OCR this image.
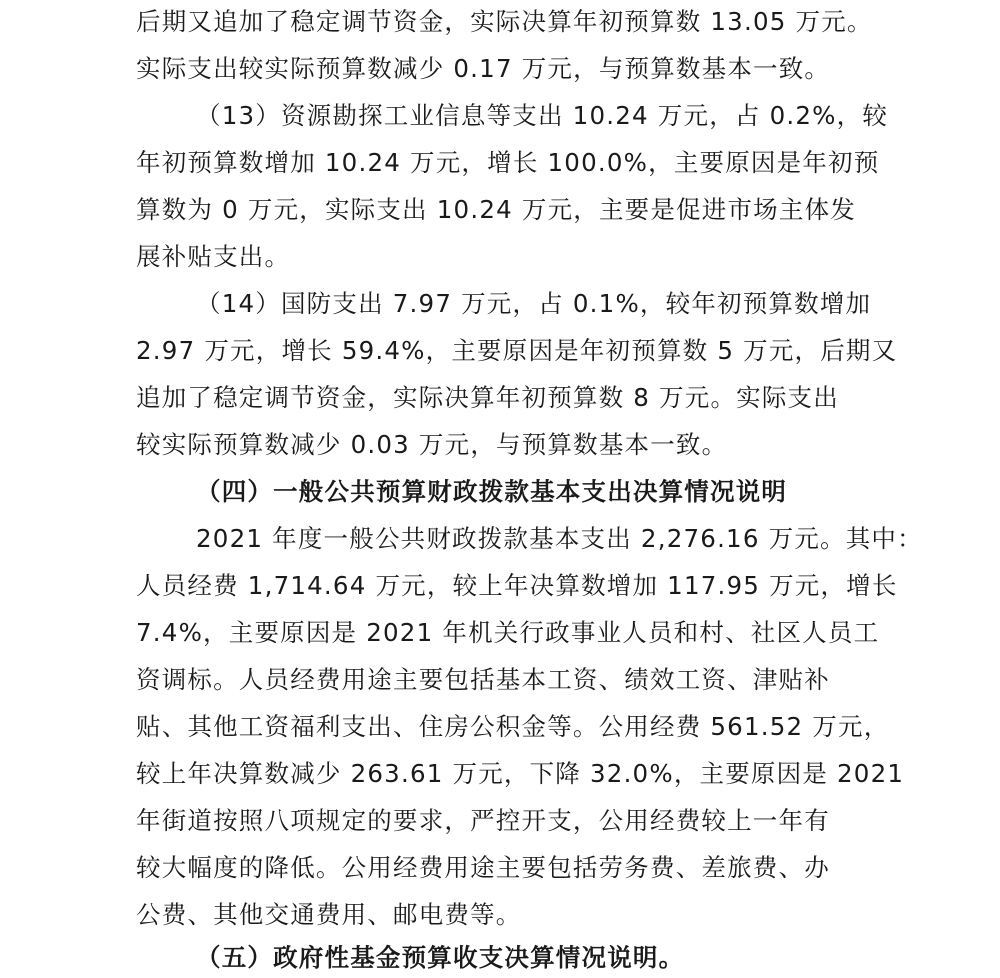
后期又追加了稳定调节资金，实际决算年初预算数 13.05 万元。
实际支出较实际预算数减少 0.17 万元，与预算数基本一致。
（13）资源勘探工业信息等支出 10.24 万元，占 0.2%，较
年初预算数增加 10.24 万元，增长 100.0%，主要原因是年初预
算数为 0 万元，实际支出 10.24 万元，主要是促进市场主体发
展补贴支出。
（14）国防支出 7.97 万元，占 0.1%，较年初预算数增加
2.97 万元，增长 59.4%，主要原因是年初预算数 5 万元，后期又
追加了稳定调节资金，实际决算年初预算数 8 万元。实际支出
较实际预算数减少 0.03 万元，与预算数基本一致。
（四）一般公共预算财政拨款基本支出决算情况说明
2021 年度一般公共财政拨款基本支出 2,276.16 万元。其中：
人员经费 1,714.64 万元，较上年决算数增加 117.95 万元，增长
7.4%，主要原因是 2021 年机关行政事业人员和村、社区人员工
资调标。人员经费用途主要包括基本工资、绩效工资、津贴补
贴、其他工资福利支出、住房公积金等。公用经费 561.52 万元，
较上年决算数减少 263.61 万元，下降 32.0%，主要原因是 2021
年街道按照八项规定的要求，严控开支，公用经费较上一年有
较大幅度的降低。公用经费用途主要包括劳务费、差旅费、办
公费、其他交通费用、邮电费等。
（五）政府性基金预算收支决算情况说明。
